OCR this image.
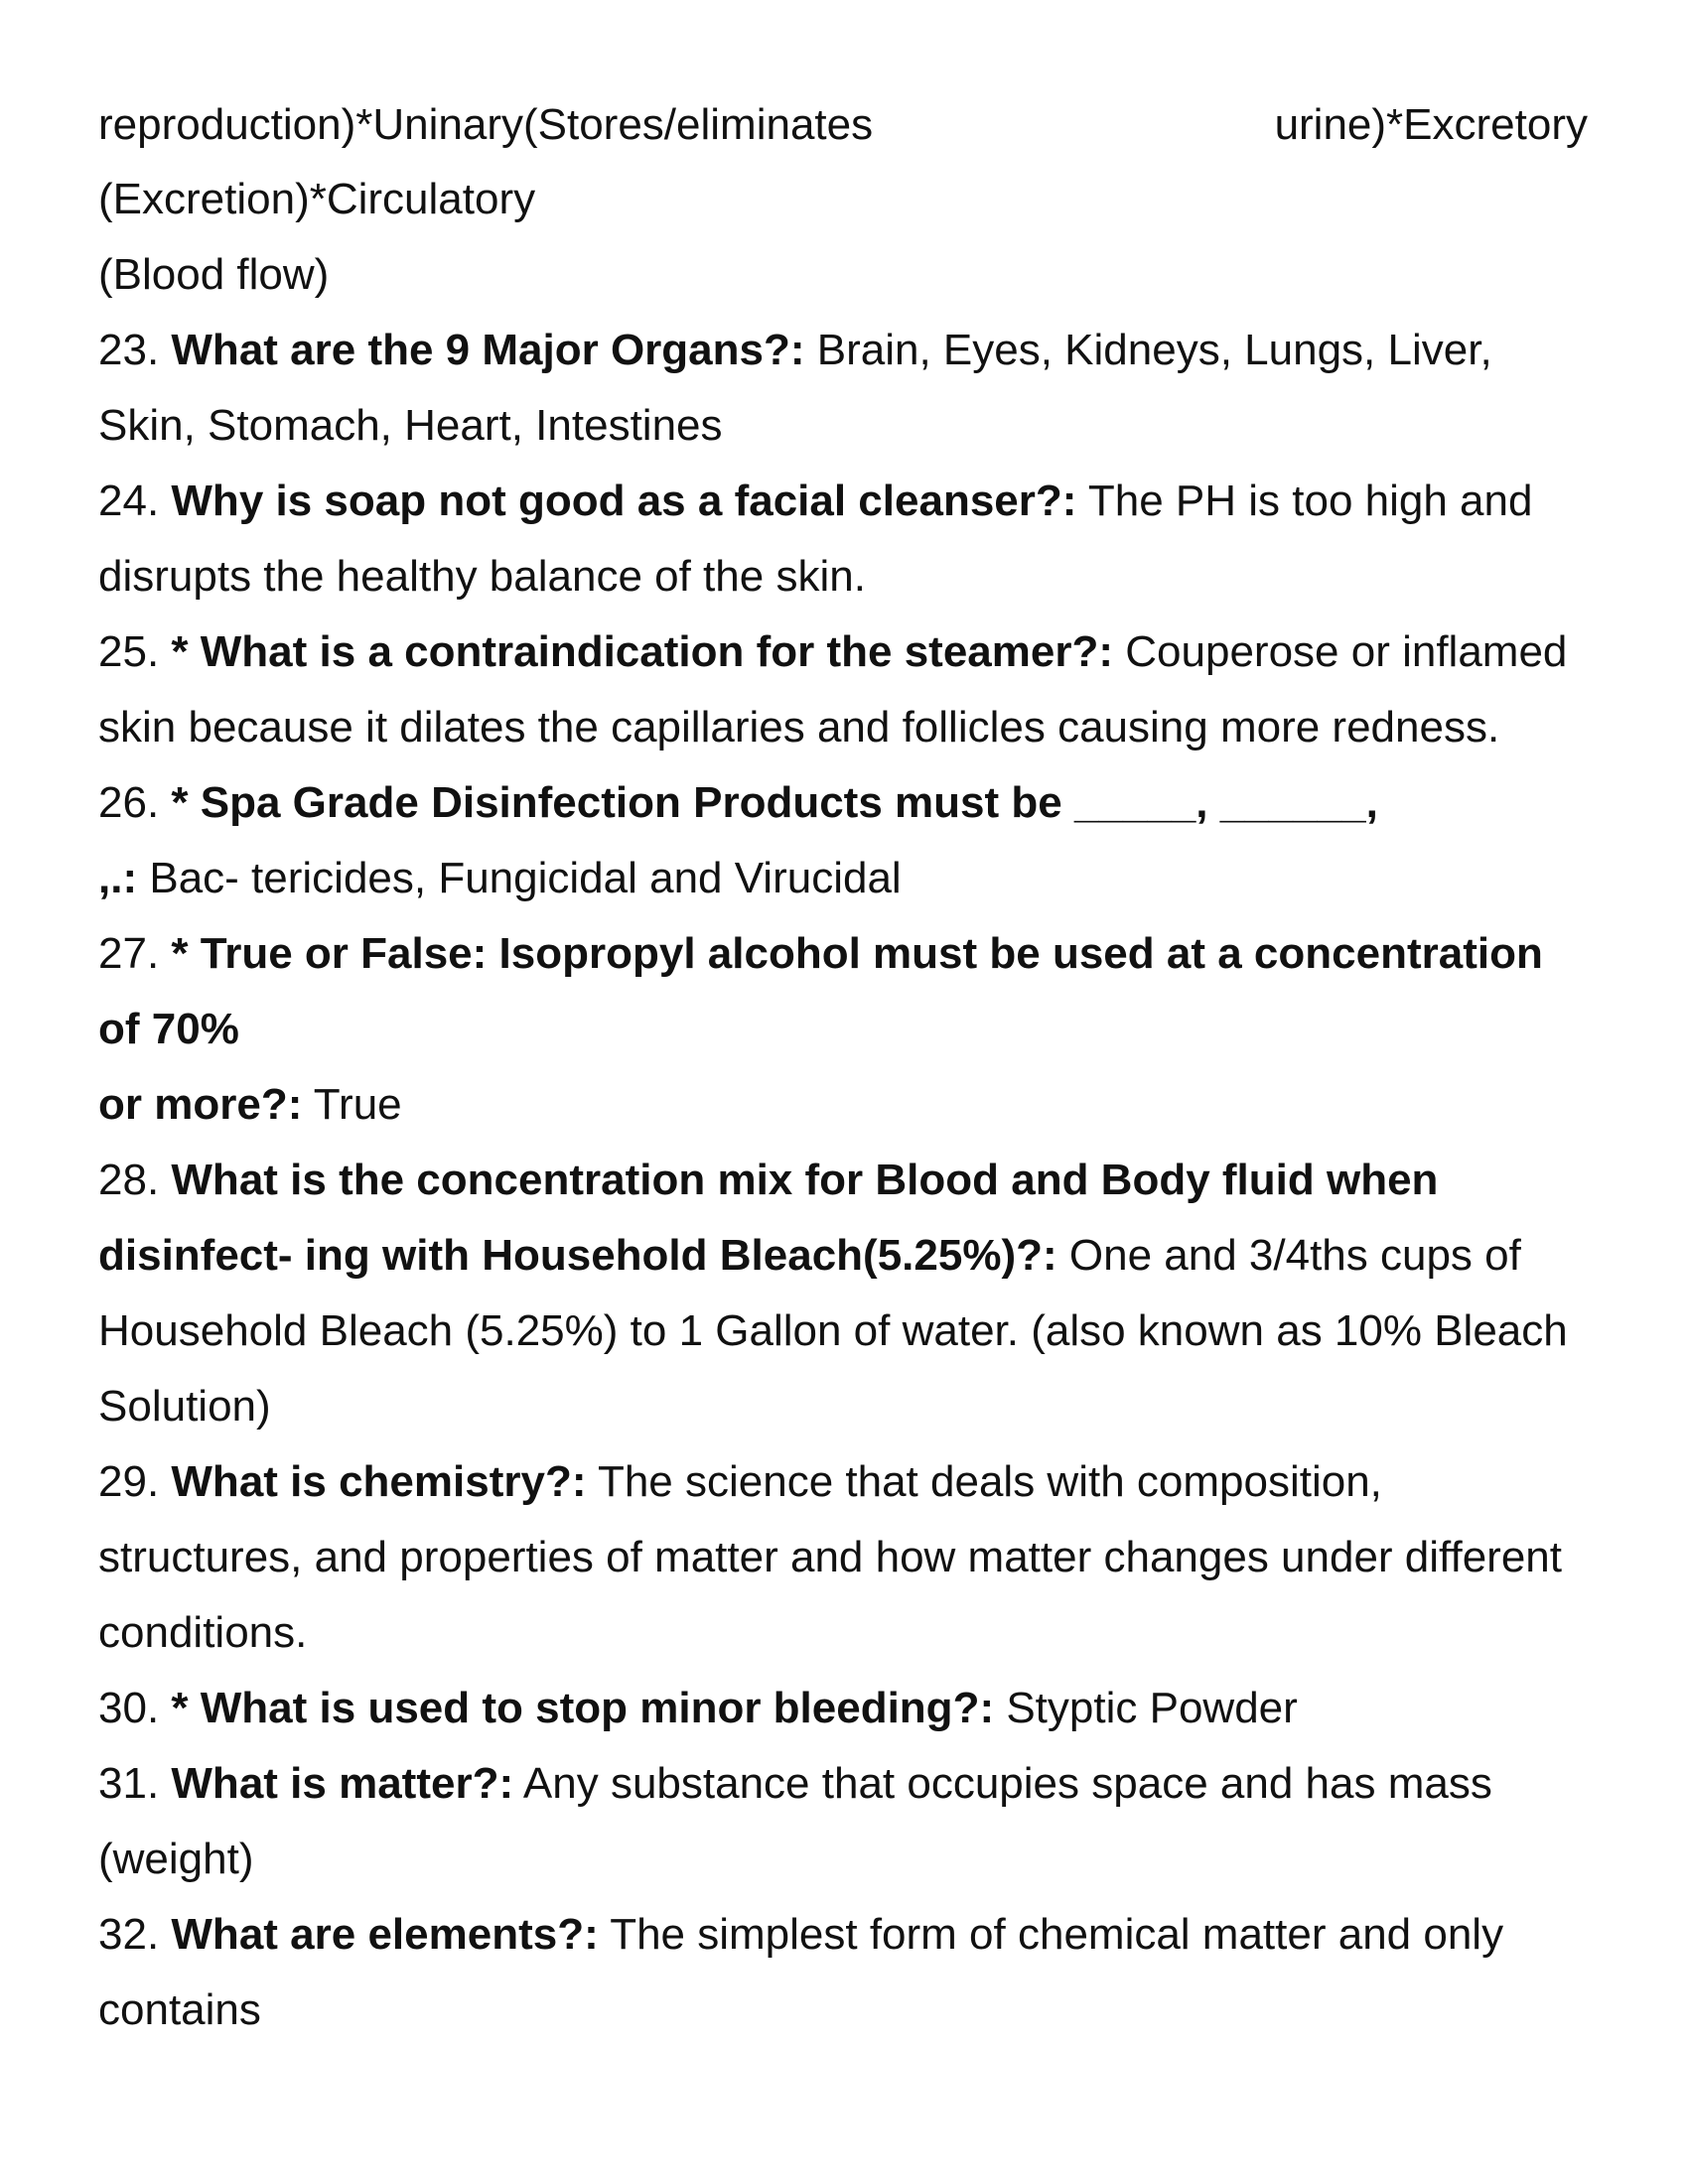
reproduction)*Uninary(Stores/eliminates	urine)*Excretory
(Excretion)*Circulatory
(Blood flow)
23. What are the 9 Major Organs?: Brain, Eyes, Kidneys, Lungs, Liver,
Skin, Stomach, Heart, Intestines
24. Why is soap not good as a facial cleanser?: The PH is too high and
disrupts the healthy balance of the skin.
25. * What is a contraindication for the steamer?: Couperose or inflamed
skin because it dilates the capillaries and follicles causing more redness.
26. * Spa Grade Disinfection Products must be _____, ______,
,.: Bac- tericides, Fungicidal and Virucidal
27. * True or False: Isopropyl alcohol must be used at a concentration
of 70%
or more?: True
28. What is the concentration mix for Blood and Body fluid when
disinfect- ing with Household Bleach(5.25%)?: One and 3/4ths cups of
Household Bleach (5.25%) to 1 Gallon of water. (also known as 10% Bleach
Solution)
29. What is chemistry?: The science that deals with composition,
structures, and properties of matter and how matter changes under different
conditions.
30. * What is used to stop minor bleeding?: Styptic Powder
31. What is matter?: Any substance that occupies space and has mass
(weight)
32. What are elements?: The simplest form of chemical matter and only
contains
